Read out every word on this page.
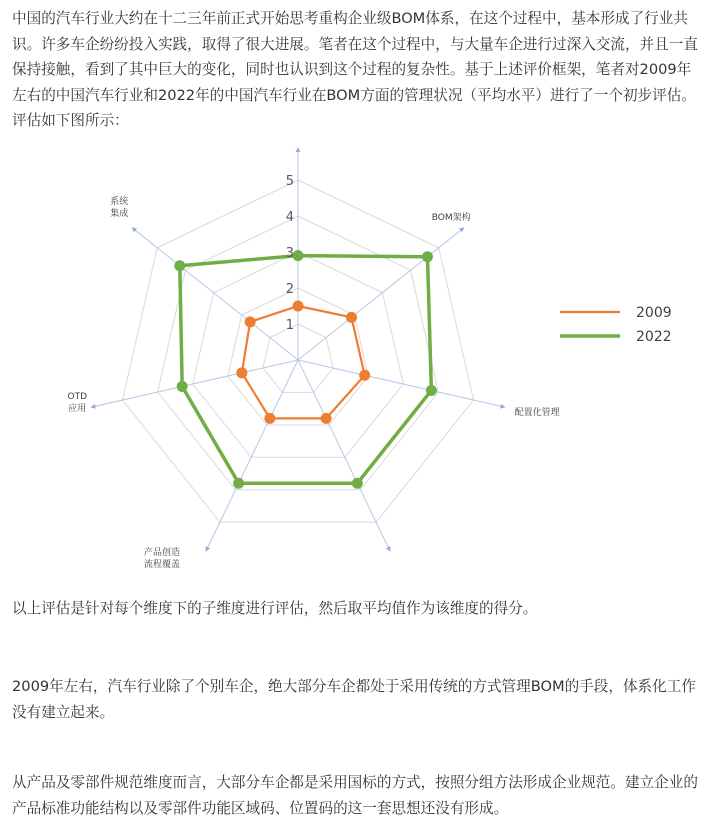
中国的汽车行业大约在十二三年前正式开始思考重构企业级BOM体系，在这个过程中，基本形成了行业共识。许多车企纷纷投入实践，取得了很大进展。笔者在这个过程中，与大量车企进行过深入交流，并且一直保持接触，看到了其中巨大的变化，同时也认识到这个过程的复杂性。基于上述评价框架，笔者对2009年左右的中国汽车行业和2022年的中国汽车行业在BOM方面的管理状况（平均水平）进行了一个初步评估。评估如下图所示：

1
2
3
4
5
BOM架构
配置化管理
产品创造流程覆盖
OTD 应用
系统集成
2009
2022

以上评估是针对每个维度下的子维度进行评估，然后取平均值作为该维度的得分。

2009年左右，汽车行业除了个别车企，绝大部分车企都处于采用传统的方式管理BOM的手段，体系化工作没有建立起来。

从产品及零部件规范维度而言，大部分车企都是采用国标的方式，按照分组方法形成企业规范。建立企业的产品标准功能结构以及零部件功能区域码、位置码的这一套思想还没有形成。
